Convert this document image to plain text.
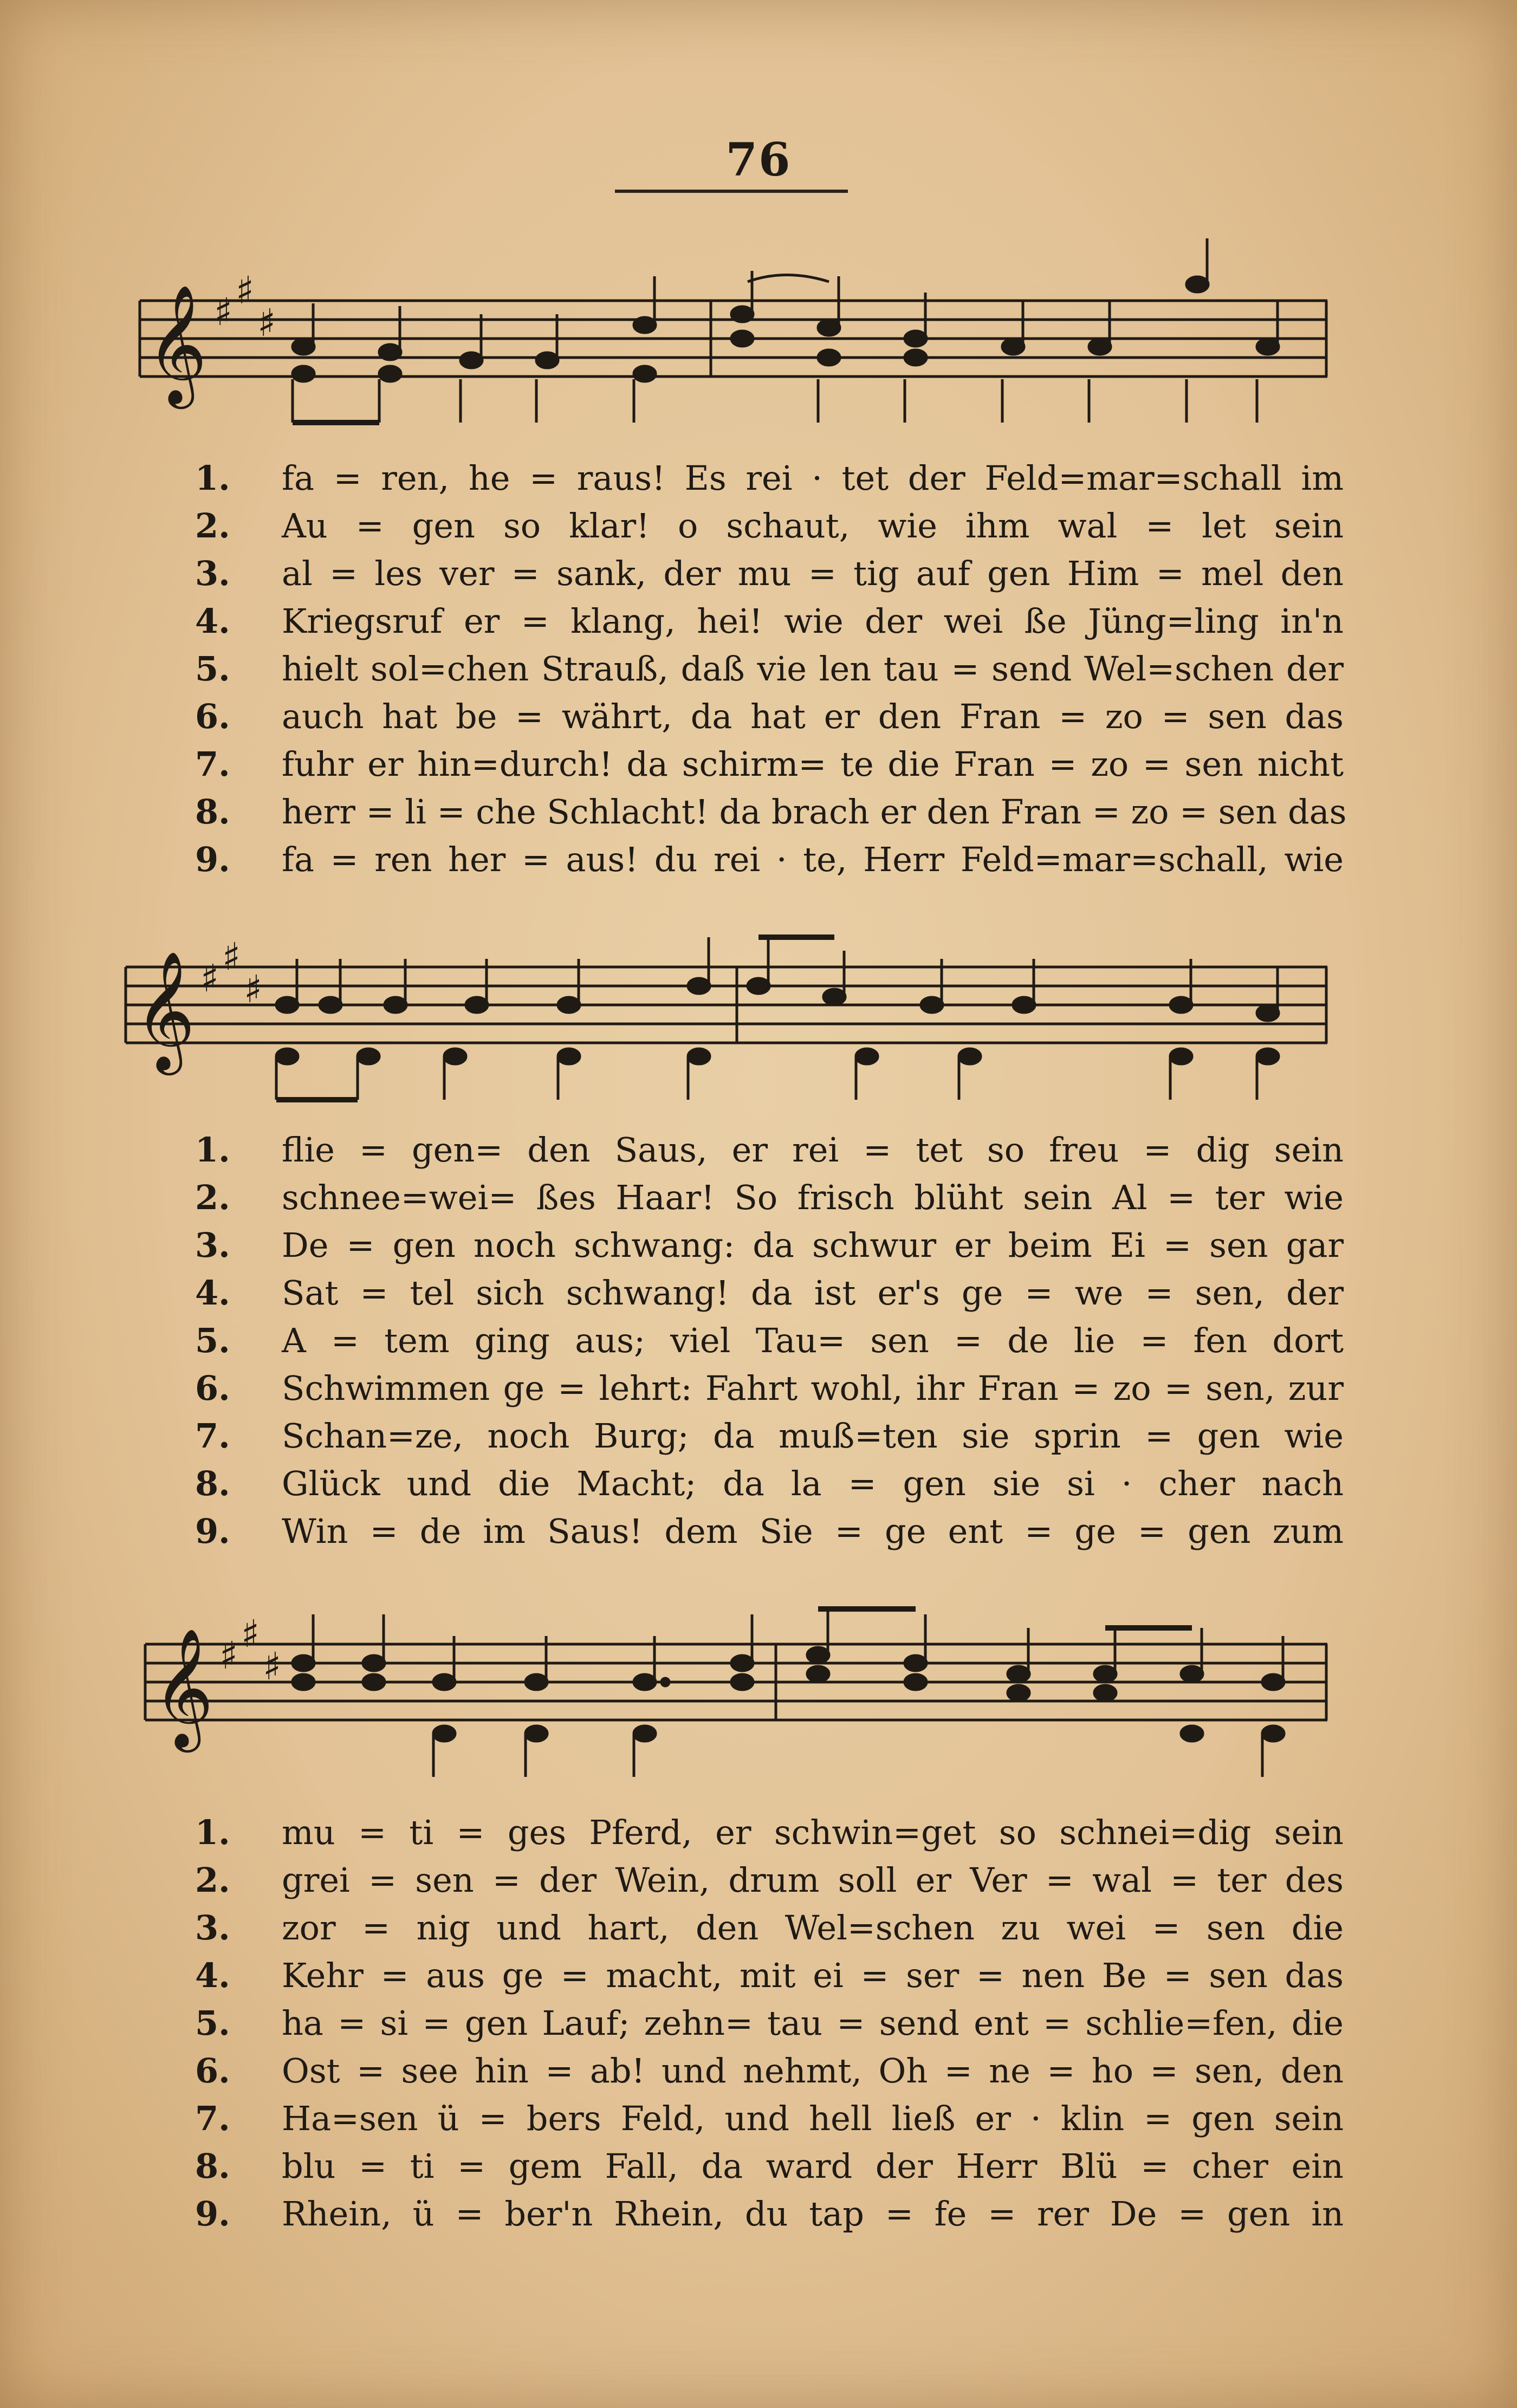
76
𝄞 ♯ ♯
♯
1.	fa = ren, he = raus! Es rei · tet der Feld=mar=schall im
2.	Au = gen so klar! o schaut, wie ihm wal = let sein
3.	al = les ver = sank, der mu = tig auf gen Him = mel den
4.	Kriegsruf er = klang, hei! wie der wei ße Jüng=ling in'n
5.	hielt sol=chen Strauß, daß vie len tau = send Wel=schen der
6.	auch hat be = währt, da hat er den Fran = zo = sen das
7.	fuhr er hin=durch! da schirm= te die Fran = zo = sen nicht
8.	herr = li = che Schlacht! da brach er den Fran = zo = sen das
9.	fa = ren her = aus! du rei · te, Herr Feld=mar=schall, wie
𝄞 ♯ ♯
♯
1.	flie = gen= den Saus, er rei = tet so freu = dig sein
2.	schnee=wei= ßes Haar! So frisch blüht sein Al = ter wie
3.	De = gen noch schwang: da schwur er beim Ei = sen gar
4.	Sat = tel sich schwang! da ist er's ge = we = sen, der
5.	A = tem ging aus; viel Tau= sen = de lie = fen dort
6.	Schwimmen ge = lehrt: Fahrt wohl, ihr Fran = zo = sen, zur
7.	Schan=ze, noch Burg; da muß=ten sie sprin = gen wie
8.	Glück und die Macht; da la = gen sie si · cher nach
9.	Win = de im Saus! dem Sie = ge ent = ge = gen zum
𝄞 ♯ ♯
♯
1.	mu = ti = ges Pferd, er schwin=get so schnei=dig sein
2.	grei = sen = der Wein, drum soll er Ver = wal = ter des
3.	zor = nig und hart, den Wel=schen zu wei = sen die
4.	Kehr = aus ge = macht, mit ei = ser = nen Be = sen das
5.	ha = si = gen Lauf; zehn= tau = send ent = schlie=fen, die
6.	Ost = see hin = ab! und nehmt, Oh = ne = ho = sen, den
7.	Ha=sen ü = bers Feld, und hell ließ er · klin = gen sein
8.	blu = ti = gem Fall, da ward der Herr Blü = cher ein
9.	Rhein, ü = ber'n Rhein, du tap = fe = rer De = gen in
